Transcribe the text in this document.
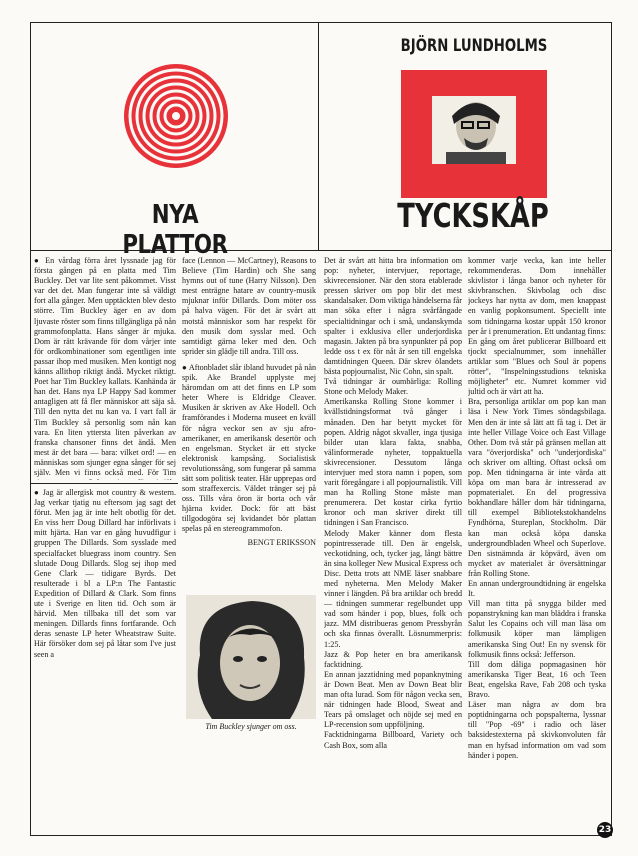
NYA PLATTOR
BJÖRN LUNDHOLMS
TYCKSKÅP

● En vårdag förra året lyssnade jag för första gången på en platta med Tim Buckley. Det var lite sent påkommet. Visst var det det. Man fungerar inte så väldigt fort alla gånger. Men upptäckten blev desto större. Tim Buckley äger en av dom ljuvaste röster som finns tillgängliga på nån grammofonplatta. Hans sånger är mjuka. Dom är rätt krävande för dom vårjer inte för ordkombinationer som egentligen inte passar ihop med musiken. Men kontigt nog känns allithop riktigt ändå. Mycket riktigt. Poet har Tim Buckley kallats. Kanhända är han det. Hans nya LP Happy Sad kommer antagligen att få fler människor att säja så. Till den nytta det nu kan va. I vart fall är Tim Buckley så personlig som nån kan vara. En liten yttersta liten påverkan av franska chansoner finns det ändå. Men mest är det bara — bara: vilket ord! — en människas som sjunger egna sånger för sej själv. Men vi finns också med. För Tim

face (Lennon — McCartney), Reasons to Believe (Tim Hardin) och She sang hymns out of tune (Harry Nilsson). Den mest enträgne hatare av country-musik mjuknar inför Dillards. Dom möter oss på halva vägen. För det är svårt att motstå människor som har respekt för den musik dom sysslar med. Och samtidigt gärna leker med den. Och sprider sin glädje till andra. Till oss.

● Aftonbladet slår ibland huvudet på nån spik. Ake Brandel upplyste mej häromdan om att det finns en LP som heter Where is Eldridge Cleaver. Musiken är skriven av Ake Hodell. Och framförandes i Moderna museet en kväll för några veckor sen av sju afro-amerikaner, en amerikansk desertör och en engelsman. Stycket är ett stycke elektronisk kampsång. Socialistisk revolutionssång, som fungerar på samma sätt som politisk teater. Här upprepas ord som straffexercis. Väldet tränger sej på oss. Tills våra öron är borta och vår hjärna kvider. Dock: för att bäst tillgodogöra sej kvidandet bör plattan spelas på en stereogrammofon.

BENGT ERIKSSON

● Jag är allergisk mot country & western. Jag verkar tjatig nu eftersom jag sagt det förut. Men jag är inte helt obotlig för det. En viss herr Doug Dillard har införlivats i mitt hjärta. Han var en gång huvudfigur i gruppen The Dillards. Som sysslade med specialfacket bluegrass inom country. Sen slutade Doug Dillards. Slog sej ihop med Gene Clark — tidigare Byrds. Det resulterade i bl a LP:n The Fantastic Expedition of Dillard & Clark. Som finns ute i Sverige en liten tid. Och som är härvid. Men tillbaka till det som var meningen. Dillards finns fortfarande. Och deras senaste LP heter Wheatstraw Suite. Här försöker dom sej på låtar som I've just seen a

Tim Buckley sjunger om oss.

Det är svårt att hitta bra information om pop: nyheter, intervjuer, reportage, skivrecensioner. När den stora etablerade pressen skriver om pop blir det mest skandalsaker. Dom viktiga händelserna får man söka efter i några svårfångade specialtidningar och i små, undanskymda spalter i exklusiva eller underjordiska magasin. Jakten på bra synpunkter på pop ledde oss t ex för nåt år sen till engelska damtidningen Queen. Där skrev ölandets bästa popjournalist, Nic Cohn, sin spalt.

Två tidningar är oumbärliga: Rolling Stone och Melody Maker.

Amerikanska Rolling Stone kommer i kvällstidningsformat två gånger i månaden. Den har betytt mycket för popen. Aldrig något skvaller, inga tjusiga bilder utan klara fakta, snabba, välinformerade nyheter, toppaktuella skivrecensioner. Dessutom långa intervjuer med stora namn i popen, som varit föregångare i all popjournalistik. Vill man ha Rolling Stone måste man prenumerera. Det kostar cirka fyrtio kronor och man skriver direkt till tidningen i San Francisco.

Melody Maker känner dom flesta popintresserade till. Den är engelsk, veckotidning, och, tycker jag, långt bättre än sina kolleger New Musical Express och Disc. Detta trots att NME läser snabbare med nyheterna. Men Melody Maker vinner i längden. På bra artiklar och bredd — tidningen summerar regelbundet upp vad som händer i pop, blues, folk och jazz. MM distribueras genom Pressbyrån och ska finnas överallt. Lösnummerpris: 1:25.

Jazz & Pop heter en bra amerikansk facktidning.

En annan jazztidning med popanknytning är Down Beat. Men av Down Beat blir man ofta lurad. Som för någon vecka sen, när tidningen hade Blood, Sweat and Tears på omslaget och nöjde sej med en LP-recension som uppföljning.

Facktidningarna Billboard, Variety och Cash Box, som alla

kommer varje vecka, kan inte heller rekommenderas. Dom innehåller skivlistor i långa banor och nyheter för skivbranschen. Skivbolag och disc jockeys har nytta av dom, men knappast en vanlig popkonsument. Speciellt inte som tidningarna kostar uppåt 150 kronor per år i prenumeration. Ett undantag finns: En gång om året publicerar Billboard ett tjockt specialnummer, som innehåller artiklar som "Blues och Soul är popens rötter", "Inspelningsstudions tekniska möjligheter" etc. Numret kommer vid jultid och är värt att ha.

Bra, personliga artiklar om pop kan man läsa i New York Times söndagsbilaga. Men den är inte så lätt att få tag i. Det är inte heller Village Voice och East Village Other. Dom två står på gränsen mellan att vara "överjordiska" och "underjordiska" och skriver om allting. Oftast också om pop. Men tidningarna är inte värda att köpa om man bara är intresserad av popmaterialet. En del progressiva bokhandlare håller dom här tidningarna, till exempel Bibliotekstokhandelns Fyndhörna, Stureplan, Stockholm. Där kan man också köpa danska undergroundbladen Wheel och Superlove. Den sistnämnda är köpvärd, även om mycket av materialet är översättningar från Rolling Stone.

En annan undergroundtidning är engelska It.

Vill man titta på snygga bilder med popanstrykning kan man bläddra i franska Salut les Copains och vill man läsa om folkmusik köper man lämpligen amerikanska Sing Out! En ny svensk för folkmusik finns också: Jefferson.

Till dom dåliga popmagasinen hör amerikanska Tiger Beat, 16 och Teen Beat, engelska Rave, Fab 208 och tyska Bravo.

Läser man några av dom bra poptidningarna och popspalterna, lyssnar till "Pop -69" i radio och läser baksidestexterna på skivkonvoluten får man en hyfsad information om vad som händer i popen.

23
